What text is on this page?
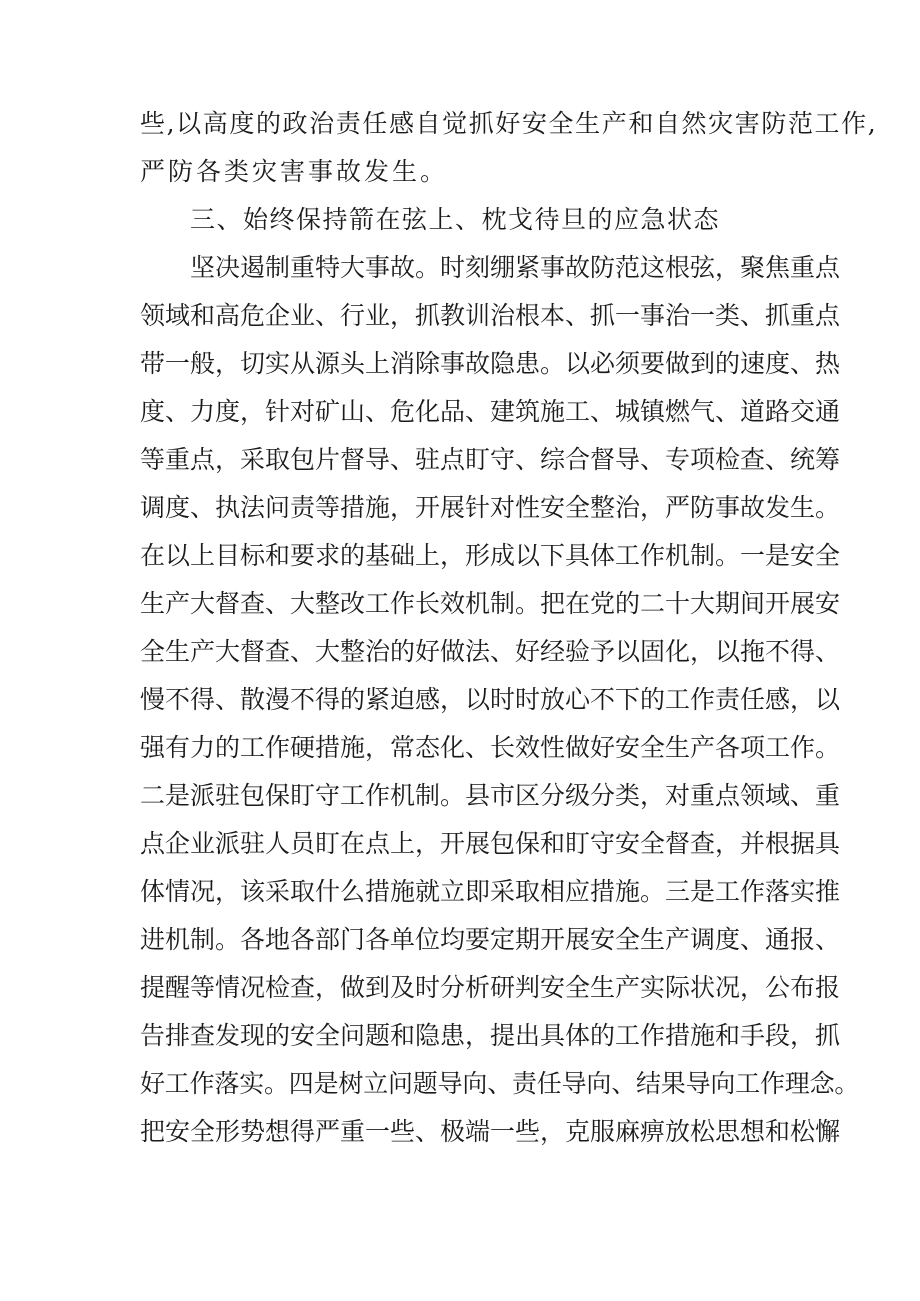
些,以高度的政治责任感自觉抓好安全生产和自然灾害防范工作,
严防各类灾害事故发生。
三、始终保持箭在弦上、枕戈待旦的应急状态
坚决遏制重特大事故。时刻绷紧事故防范这根弦，聚焦重点
领域和高危企业、行业，抓教训治根本、抓一事治一类、抓重点
带一般，切实从源头上消除事故隐患。以必须要做到的速度、热
度、力度，针对矿山、危化品、建筑施工、城镇燃气、道路交通
等重点，采取包片督导、驻点盯守、综合督导、专项检查、统筹
调度、执法问责等措施，开展针对性安全整治，严防事故发生。
在以上目标和要求的基础上，形成以下具体工作机制。一是安全
生产大督查、大整改工作长效机制。把在党的二十大期间开展安
全生产大督查、大整治的好做法、好经验予以固化，以拖不得、
慢不得、散漫不得的紧迫感，以时时放心不下的工作责任感，以
强有力的工作硬措施，常态化、长效性做好安全生产各项工作。
二是派驻包保盯守工作机制。县市区分级分类，对重点领域、重
点企业派驻人员盯在点上，开展包保和盯守安全督查，并根据具
体情况，该采取什么措施就立即采取相应措施。三是工作落实推
进机制。各地各部门各单位均要定期开展安全生产调度、通报、
提醒等情况检查，做到及时分析研判安全生产实际状况，公布报
告排查发现的安全问题和隐患，提出具体的工作措施和手段，抓
好工作落实。四是树立问题导向、责任导向、结果导向工作理念。
把安全形势想得严重一些、极端一些，克服麻痹放松思想和松懈
